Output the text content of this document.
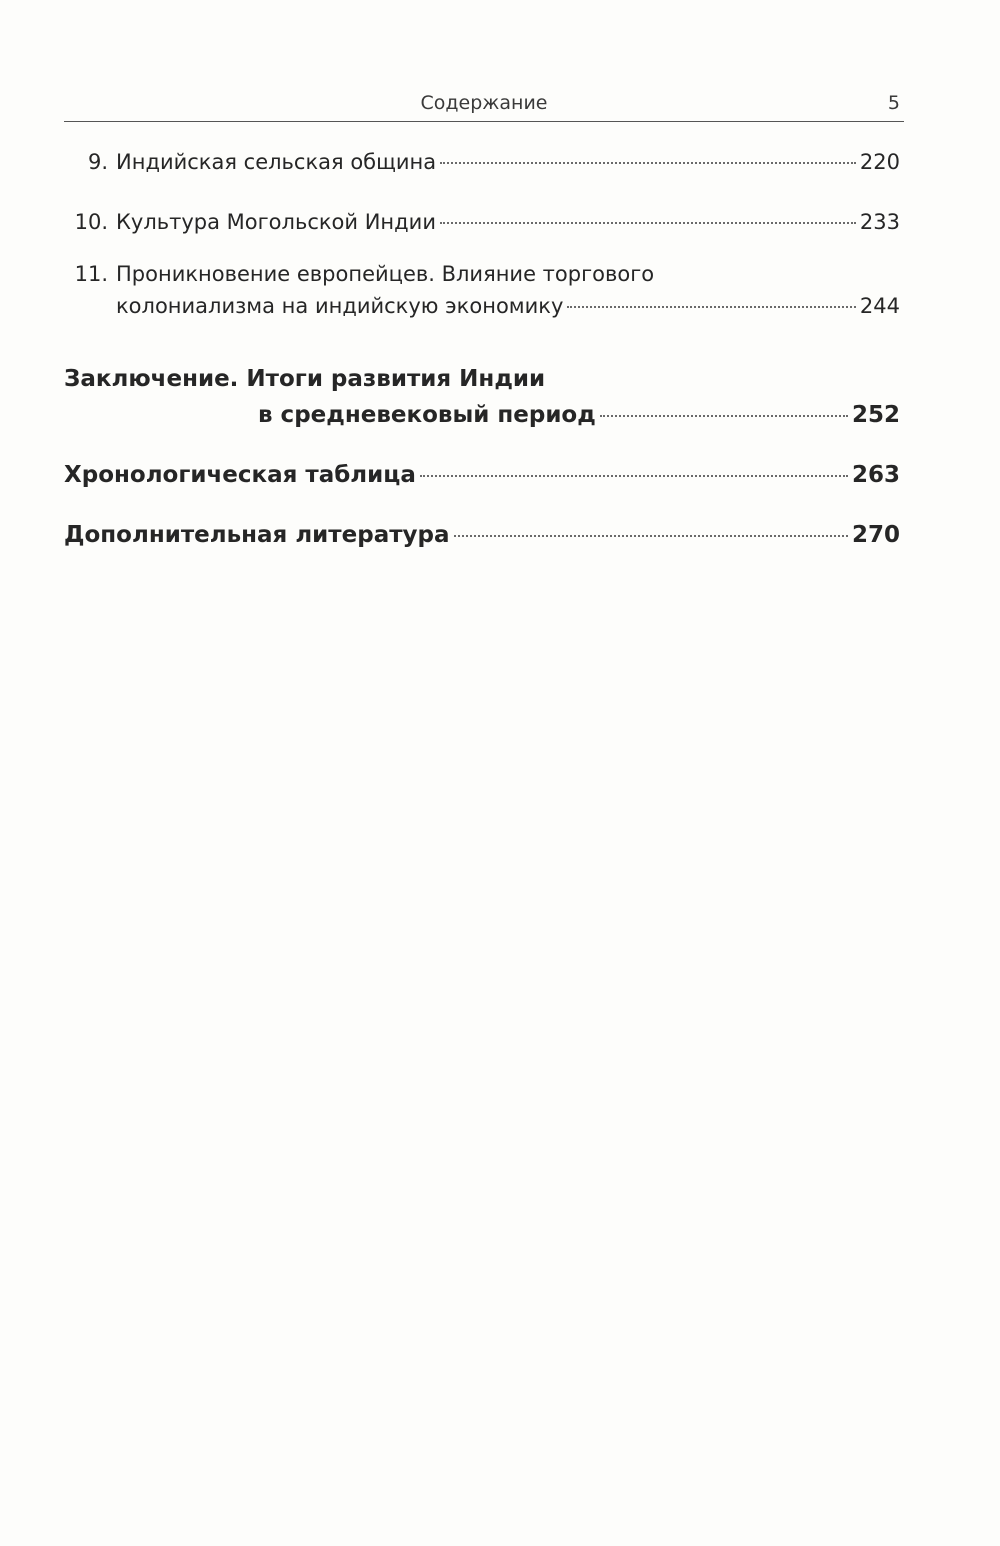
Содержание	5
9. Индийская сельская община	220
10. Культура Могольской Индии	233
11. Проникновение европейцев. Влияние торгового
колониализма на индийскую экономику	244
Заключение. Итоги развития Индии
в средневековый период	252
Хронологическая таблица	263
Дополнительная литература	270
